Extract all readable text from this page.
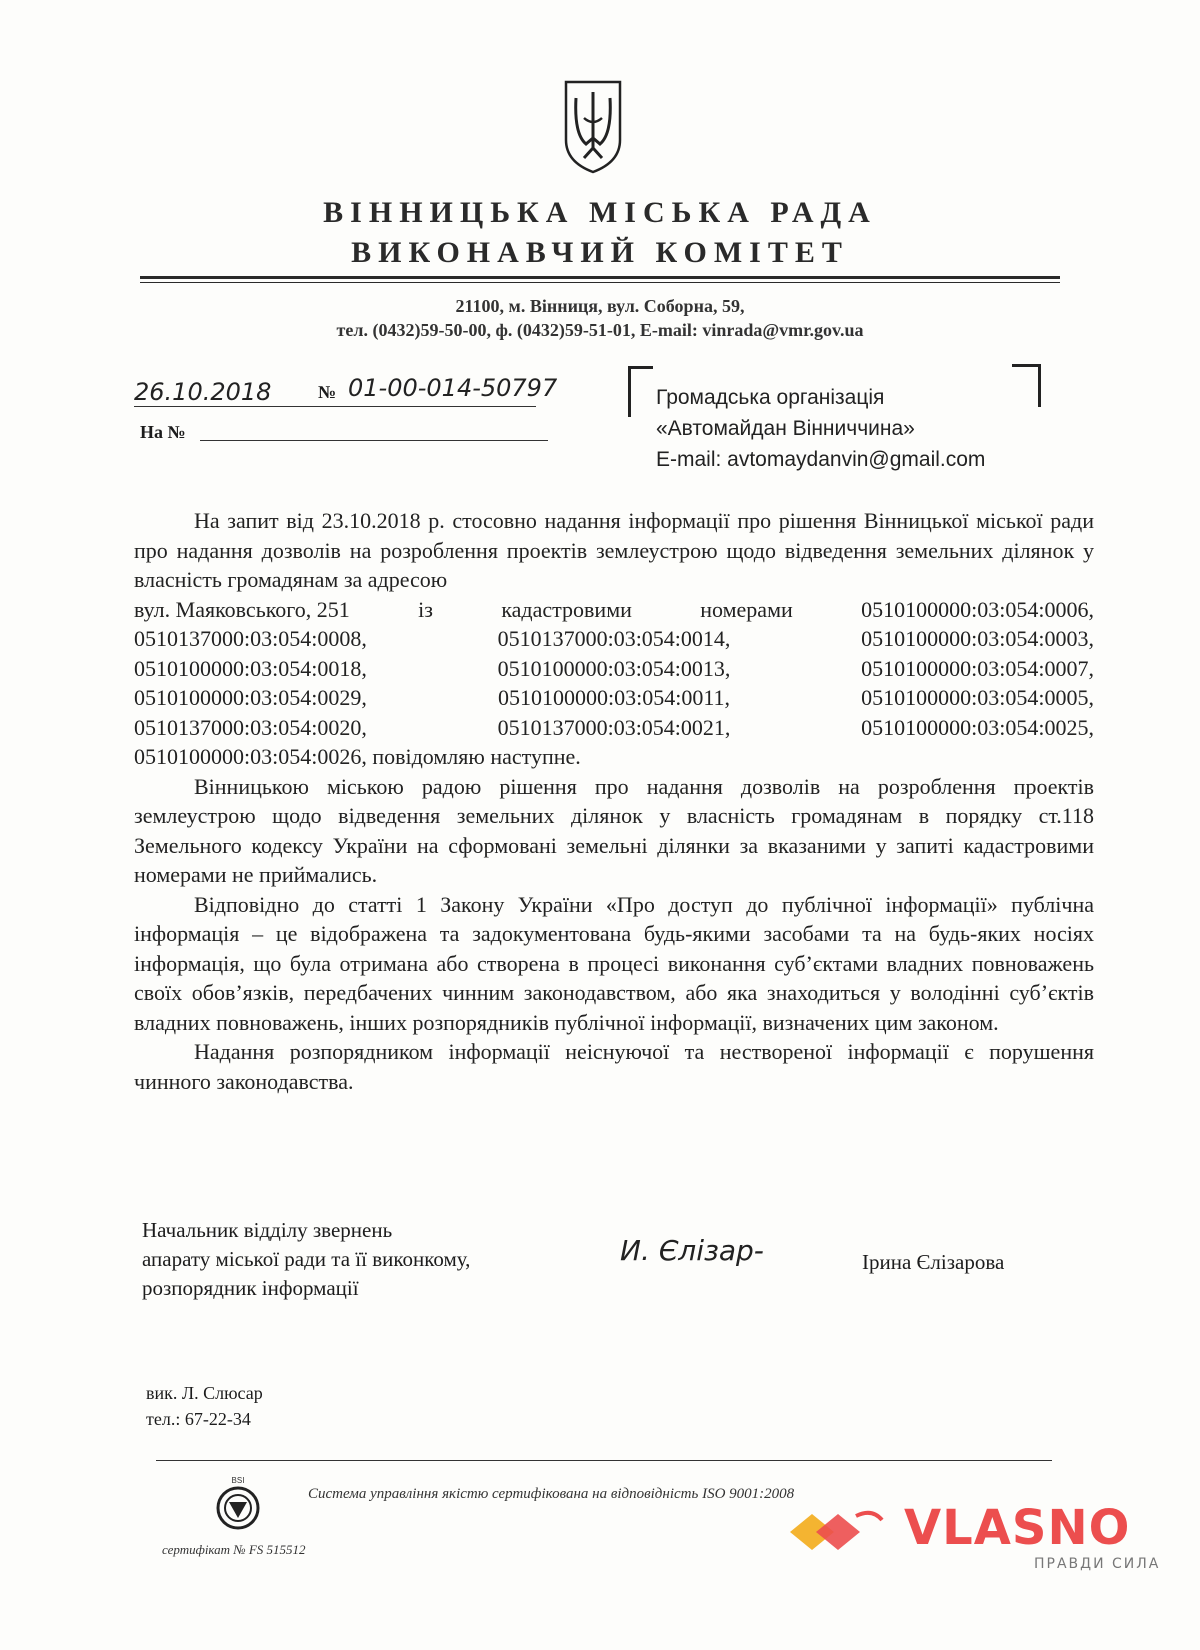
ВІННИЦЬКА МІСЬКА РАДА
ВИКОНАВЧИЙ КОМІТЕТ
21100, м. Вінниця, вул. Соборна, 59,
тел. (0432)59-50-00, ф. (0432)59-51-01, E-mail: vinrada@vmr.gov.ua
26.10.2018	№ 01-00-014-50797
На №
Громадська організація
«Автомайдан Вінниччина»
E-mail: avtomaydanvin@gmail.com

На запит від 23.10.2018 р. стосовно надання інформації про рішення Вінницької міської ради про надання дозволів на розроблення проектів землеустрою щодо відведення земельних ділянок у власність громадянам за адресою

вул. Маяковського, 251	із	кадастровими	номерами	0510100000:03:054:0006,
0510137000:03:054:0008,	0510137000:03:054:0014,	0510100000:03:054:0003,
0510100000:03:054:0018,	0510100000:03:054:0013,	0510100000:03:054:0007,
0510100000:03:054:0029,	0510100000:03:054:0011,	0510100000:03:054:0005,
0510137000:03:054:0020,	0510137000:03:054:0021,	0510100000:03:054:0025,
0510100000:03:054:0026, повідомляю наступне.

Вінницькою міською радою рішення про надання дозволів на розроблення проектів землеустрою щодо відведення земельних ділянок у власність громадянам в порядку ст.118 Земельного кодексу України на сформовані земельні ділянки за вказаними у запиті кадастровими номерами не приймались.

Відповідно до статті 1 Закону України «Про доступ до публічної інформації» публічна інформація – це відображена та задокументована будь-якими засобами та на будь-яких носіях інформація, що була отримана або створена в процесі виконання суб’єктами владних повноважень своїх обов’язків, передбачених чинним законодавством, або яка знаходиться у володінні суб’єктів владних повноважень, інших розпорядників публічної інформації, визначених цим законом.

Надання розпорядником інформації неіснуючої та нествореної інформації є порушення чинного законодавства.

Начальник відділу звернень
апарату міської ради та її виконкому,
розпорядник інформації
И. Єлізар-	Ірина Єлізарова
вик. Л. Слюсар
тел.: 67-22-34
BSI
Система управління якістю сертифікована на відповідність ISO 9001:2008
сертифікат № FS 515512	VLASNO
ПРАВДИ СИЛА
